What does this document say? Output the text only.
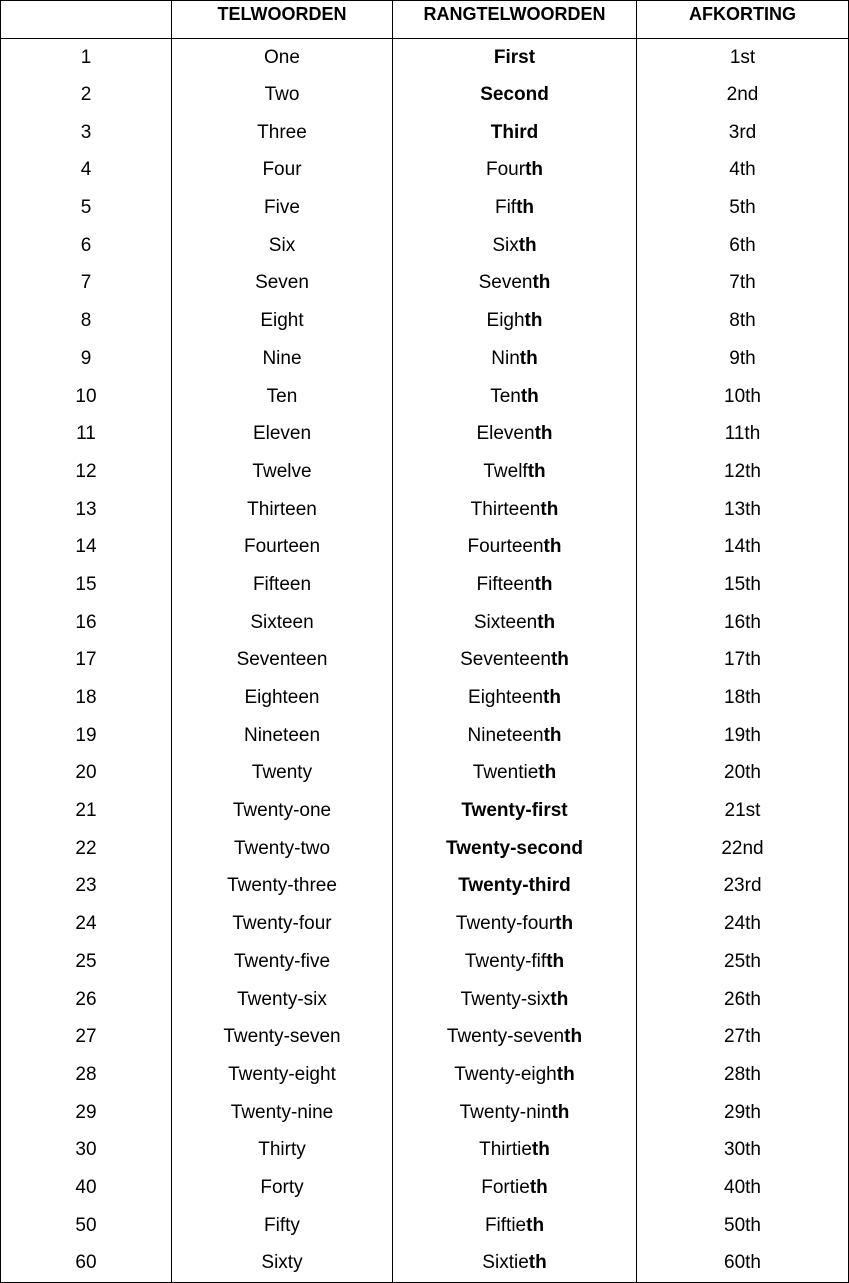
	TELWOORDEN	RANGTELWOORDEN	AFKORTING
1	One	First	1st
2	Two	Second	2nd
3	Three	Third	3rd
4	Four	Fourth	4th
5	Five	Fifth	5th
6	Six	Sixth	6th
7	Seven	Seventh	7th
8	Eight	Eighth	8th
9	Nine	Ninth	9th
10	Ten	Tenth	10th
11	Eleven	Eleventh	11th
12	Twelve	Twelfth	12th
13	Thirteen	Thirteenth	13th
14	Fourteen	Fourteenth	14th
15	Fifteen	Fifteenth	15th
16	Sixteen	Sixteenth	16th
17	Seventeen	Seventeenth	17th
18	Eighteen	Eighteenth	18th
19	Nineteen	Nineteenth	19th
20	Twenty	Twentieth	20th
21	Twenty-one	Twenty-first	21st
22	Twenty-two	Twenty-second	22nd
23	Twenty-three	Twenty-third	23rd
24	Twenty-four	Twenty-fourth	24th
25	Twenty-five	Twenty-fifth	25th
26	Twenty-six	Twenty-sixth	26th
27	Twenty-seven	Twenty-seventh	27th
28	Twenty-eight	Twenty-eighth	28th
29	Twenty-nine	Twenty-ninth	29th
30	Thirty	Thirtieth	30th
40	Forty	Fortieth	40th
50	Fifty	Fiftieth	50th
60	Sixty	Sixtieth	60th
